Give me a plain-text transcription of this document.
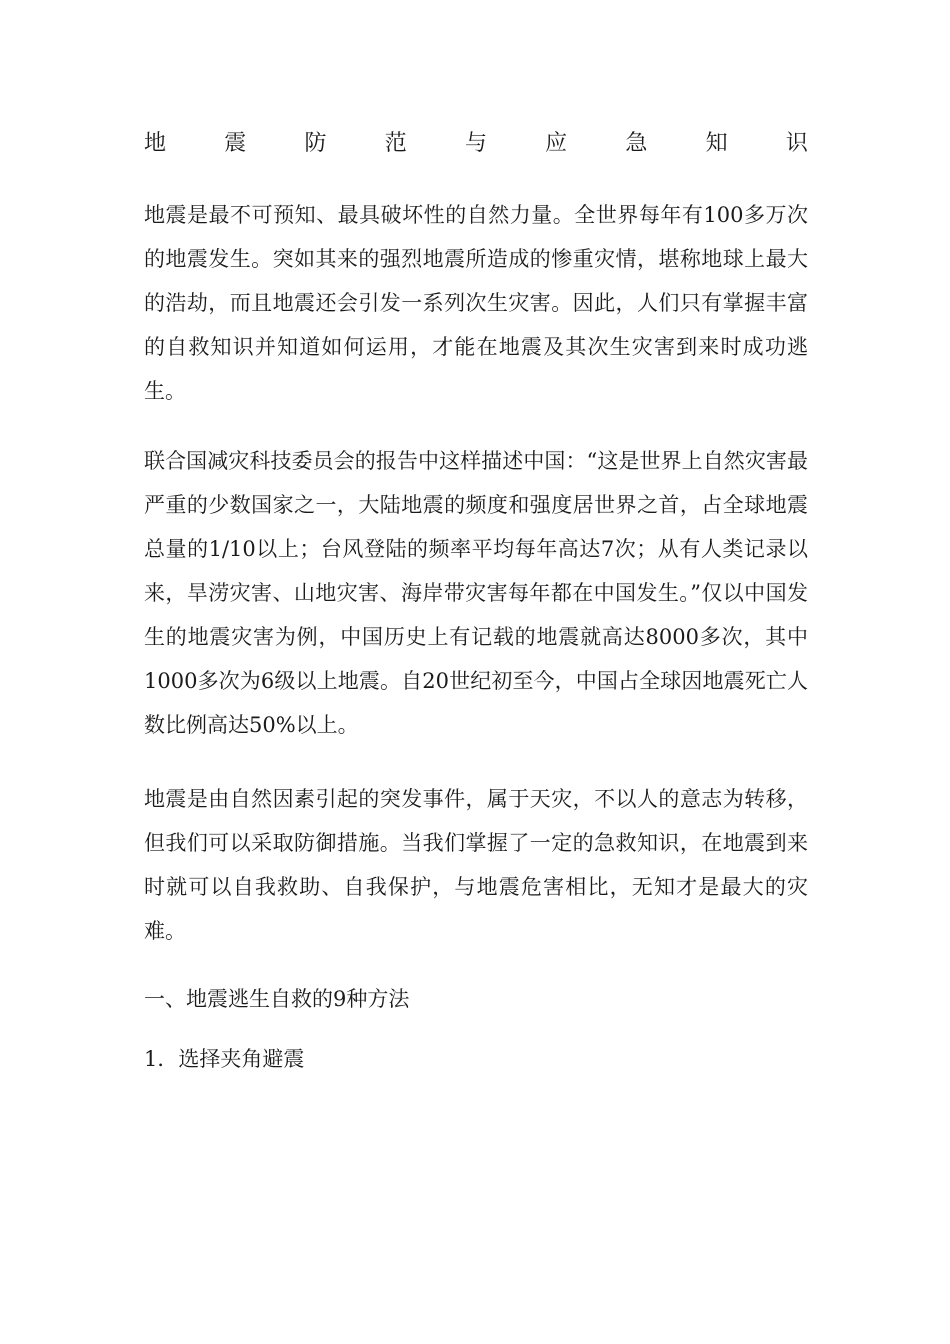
地	震	防	范	与	应	急	知	识

地震是最不可预知、最具破坏性的自然力量。全世界每年有100多万次的地震发生。突如其来的强烈地震所造成的惨重灾情，堪称地球上最大的浩劫，而且地震还会引发一系列次生灾害。因此，人们只有掌握丰富的自救知识并知道如何运用，才能在地震及其次生灾害到来时成功逃生。

联合国减灾科技委员会的报告中这样描述中国：“这是世界上自然灾害最严重的少数国家之一，大陆地震的频度和强度居世界之首，占全球地震总量的1/10以上；台风登陆的频率平均每年高达7次；从有人类记录以来，旱涝灾害、山地灾害、海岸带灾害每年都在中国发生。”仅以中国发生的地震灾害为例，中国历史上有记载的地震就高达8000多次，其中1000多次为6级以上地震。自20世纪初至今，中国占全球因地震死亡人数比例高达50%以上。

地震是由自然因素引起的突发事件，属于天灾，不以人的意志为转移，但我们可以采取防御措施。当我们掌握了一定的急救知识，在地震到来时就可以自我救助、自我保护，与地震危害相比，无知才是最大的灾难。

一、地震逃生自救的9种方法

1．选择夹角避震
